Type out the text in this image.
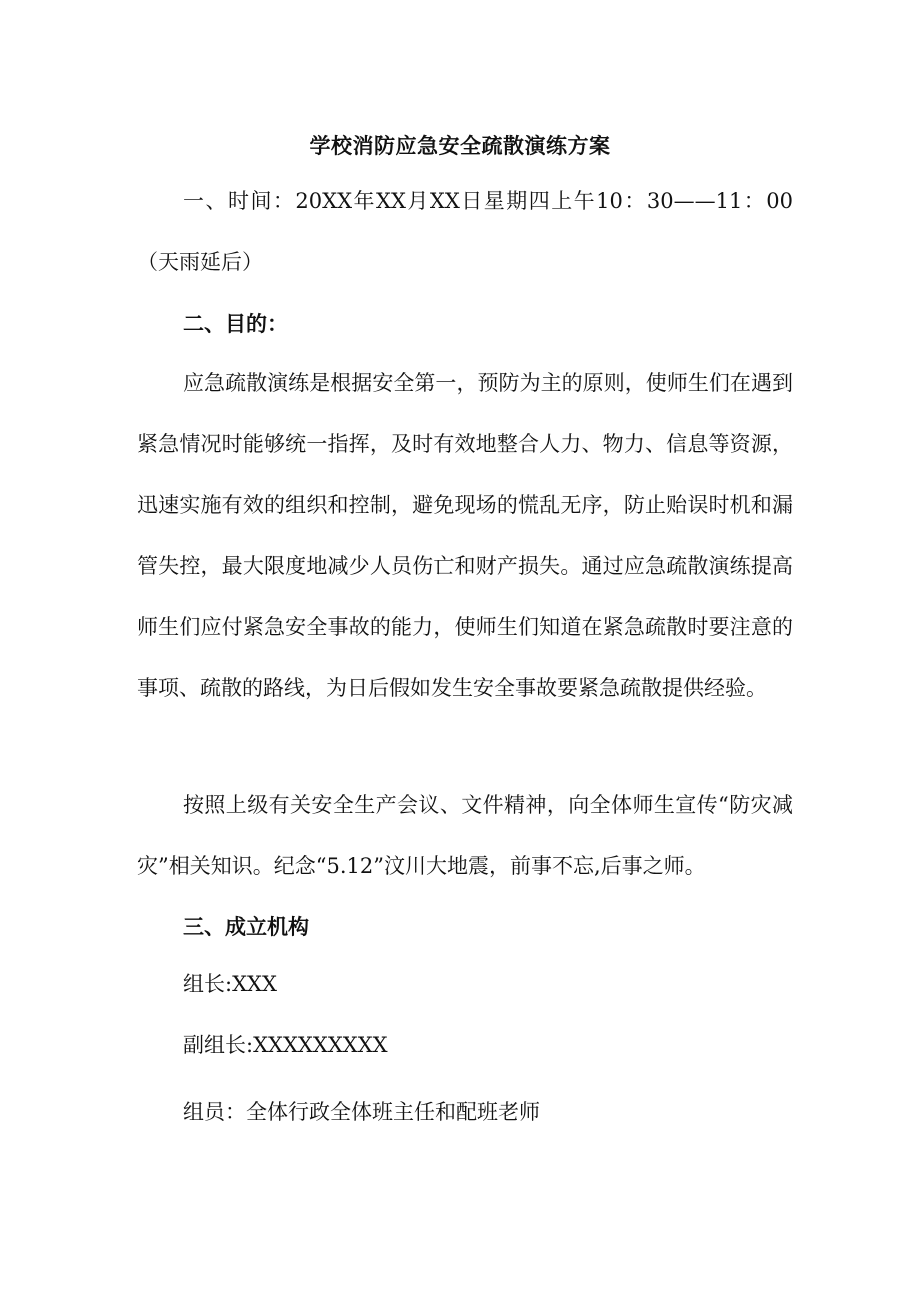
学校消防应急安全疏散演练方案

一、时间：20XX年XX月XX日星期四上午10：30——11：00（天雨延后）

二、目的：

应急疏散演练是根据安全第一，预防为主的原则，使师生们在遇到紧急情况时能够统一指挥，及时有效地整合人力、物力、信息等资源，迅速实施有效的组织和控制，避免现场的慌乱无序，防止贻误时机和漏管失控，最大限度地减少人员伤亡和财产损失。通过应急疏散演练提高师生们应付紧急安全事故的能力，使师生们知道在紧急疏散时要注意的事项、疏散的路线，为日后假如发生安全事故要紧急疏散提供经验。

按照上级有关安全生产会议、文件精神，向全体师生宣传“防灾减灾”相关知识。纪念“5.12”汶川大地震，前事不忘,后事之师。

三、成立机构

组长:XXX
副组长:XXXXXXXXX
组员：全体行政全体班主任和配班老师
